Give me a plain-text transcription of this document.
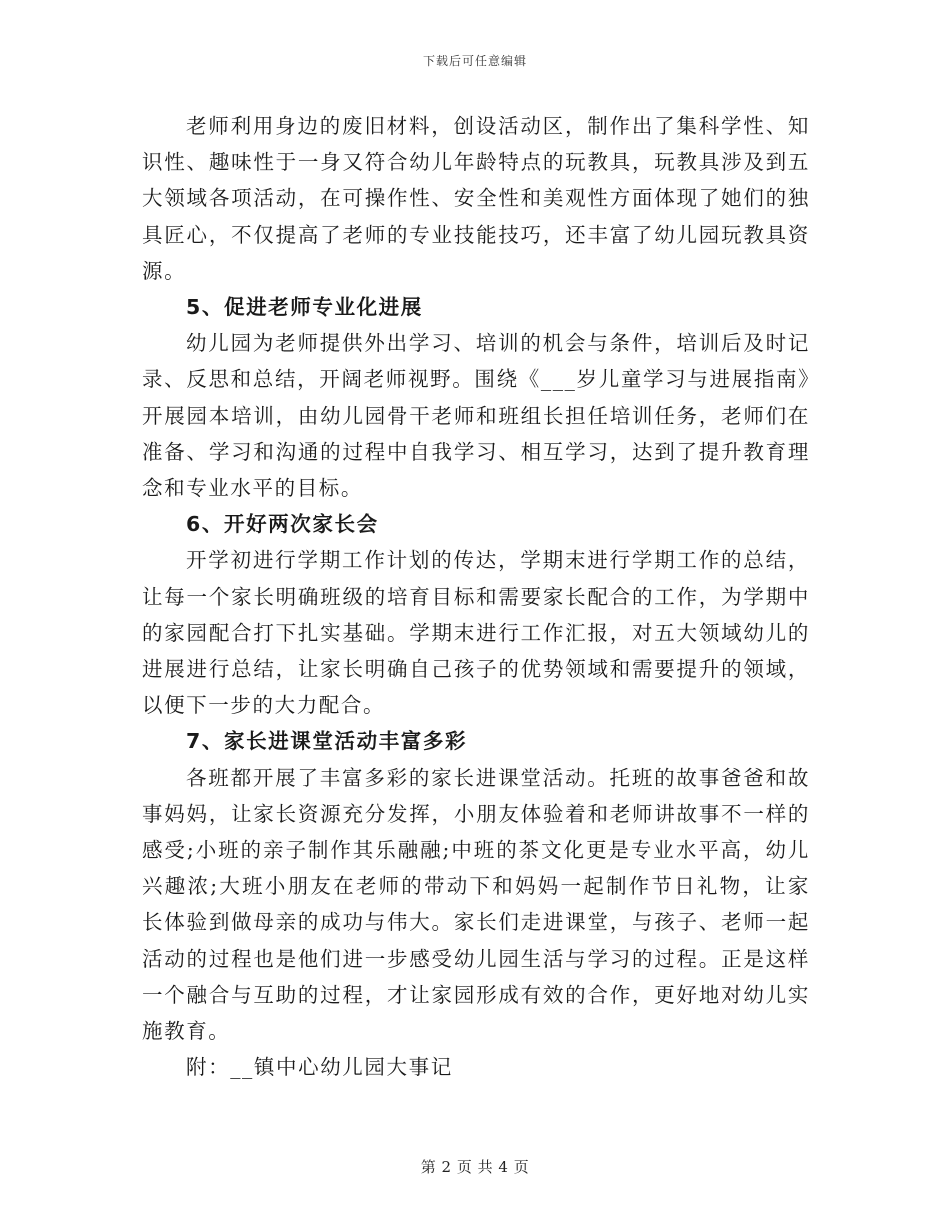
下载后可任意编辑

老师利用身边的废旧材料，创设活动区，制作出了集科学性、知识性、趣味性于一身又符合幼儿年龄特点的玩教具，玩教具涉及到五大领域各项活动，在可操作性、安全性和美观性方面体现了她们的独具匠心，不仅提高了老师的专业技能技巧，还丰富了幼儿园玩教具资源。

5、促进老师专业化进展

幼儿园为老师提供外出学习、培训的机会与条件，培训后及时记录、反思和总结，开阔老师视野。围绕《___岁儿童学习与进展指南》开展园本培训，由幼儿园骨干老师和班组长担任培训任务，老师们在准备、学习和沟通的过程中自我学习、相互学习，达到了提升教育理念和专业水平的目标。

6、开好两次家长会

开学初进行学期工作计划的传达，学期末进行学期工作的总结，让每一个家长明确班级的培育目标和需要家长配合的工作，为学期中的家园配合打下扎实基础。学期末进行工作汇报，对五大领域幼儿的进展进行总结，让家长明确自己孩子的优势领域和需要提升的领域，以便下一步的大力配合。

7、家长进课堂活动丰富多彩

各班都开展了丰富多彩的家长进课堂活动。托班的故事爸爸和故事妈妈，让家长资源充分发挥，小朋友体验着和老师讲故事不一样的感受;小班的亲子制作其乐融融;中班的茶文化更是专业水平高，幼儿兴趣浓;大班小朋友在老师的带动下和妈妈一起制作节日礼物，让家长体验到做母亲的成功与伟大。家长们走进课堂，与孩子、老师一起活动的过程也是他们进一步感受幼儿园生活与学习的过程。正是这样一个融合与互助的过程，才让家园形成有效的合作，更好地对幼儿实施教育。

附：__镇中心幼儿园大事记

第 2 页 共 4 页
